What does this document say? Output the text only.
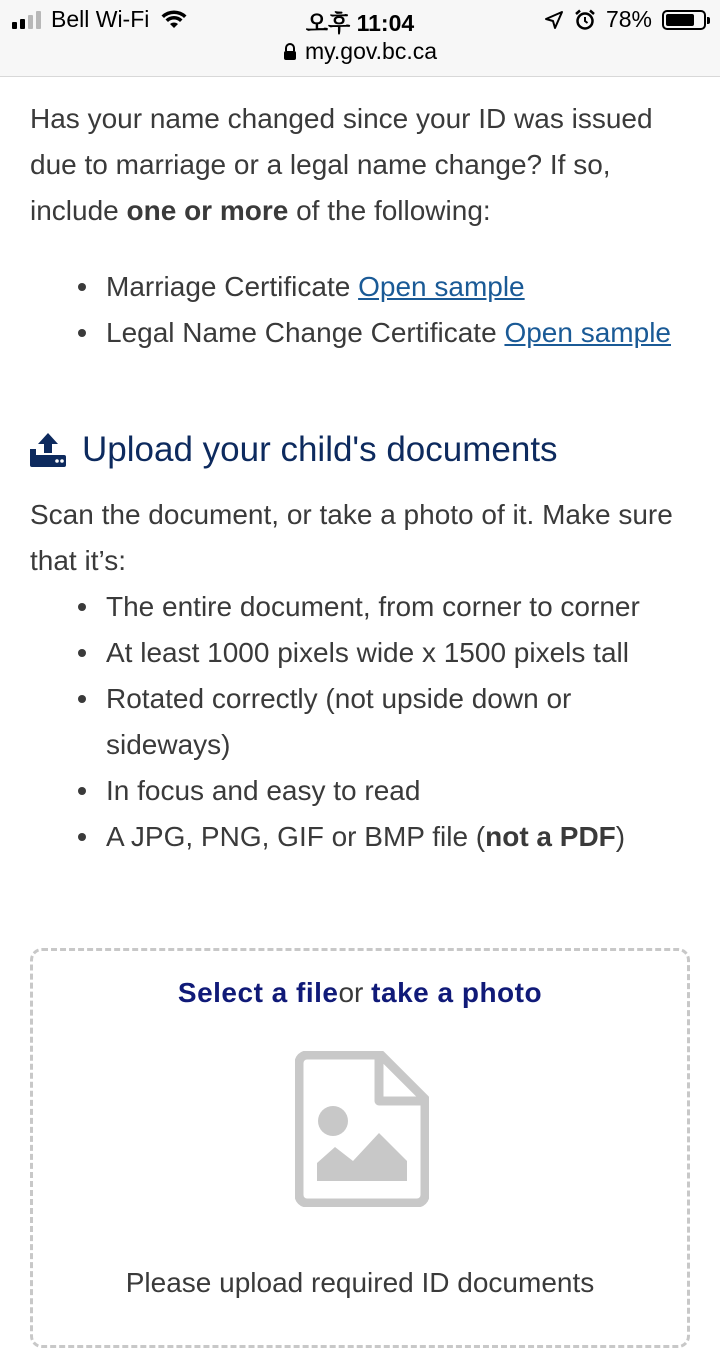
Bell Wi-Fi	오후 11:04
my.gov.bc.ca
78%

Has your name changed since your ID was issued due to marriage or a legal name change? If so, include one or more of the following:

Marriage Certificate Open sample
Legal Name Change Certificate Open sample
Upload your child's documents

Scan the document, or take a photo of it. Make sure that it’s:

The entire document, from corner to corner
At least 1000 pixels wide x 1500 pixels tall
Rotated correctly (not upside down or sideways)
In focus and easy to read
A JPG, PNG, GIF or BMP file (not a PDF)
Select a fileor take a photo
Please upload required ID documents
